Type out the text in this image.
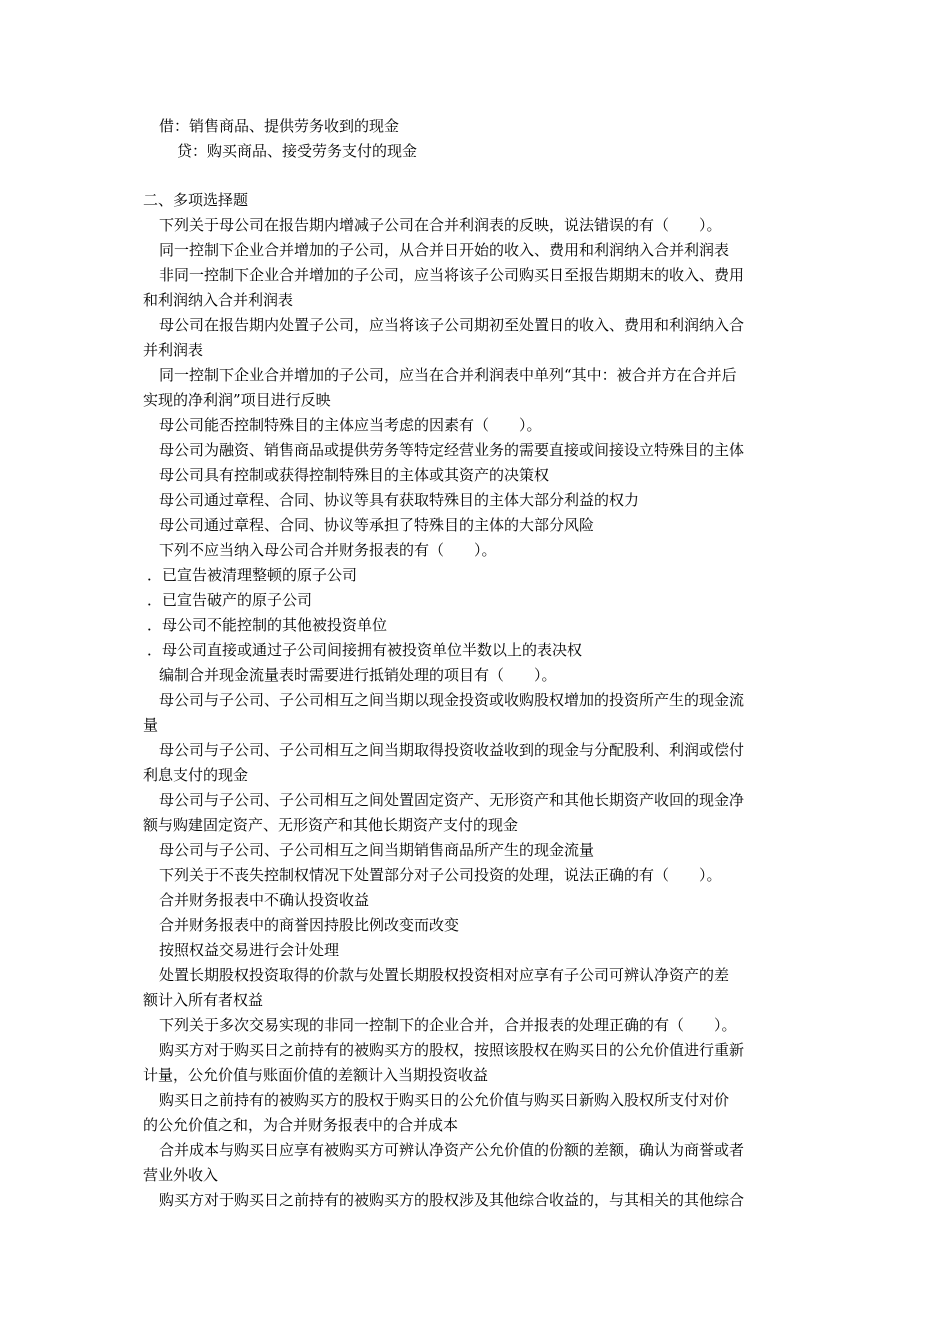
借：销售商品、提供劳务收到的现金
贷：购买商品、接受劳务支付的现金
二、多项选择题
下列关于母公司在报告期内增减子公司在合并利润表的反映，说法错误的有（　　）。
同一控制下企业合并增加的子公司，从合并日开始的收入、费用和利润纳入合并利润表
非同一控制下企业合并增加的子公司，应当将该子公司购买日至报告期期末的收入、费用
和利润纳入合并利润表
母公司在报告期内处置子公司，应当将该子公司期初至处置日的收入、费用和利润纳入合
并利润表
同一控制下企业合并增加的子公司，应当在合并利润表中单列“其中：被合并方在合并后
实现的净利润”项目进行反映
母公司能否控制特殊目的主体应当考虑的因素有（　　）。
母公司为融资、销售商品或提供劳务等特定经营业务的需要直接或间接设立特殊目的主体
母公司具有控制或获得控制特殊目的主体或其资产的决策权
母公司通过章程、合同、协议等具有获取特殊目的主体大部分利益的权力
母公司通过章程、合同、协议等承担了特殊目的主体的大部分风险
下列不应当纳入母公司合并财务报表的有（　　）。
．已宣告被清理整顿的原子公司
．已宣告破产的原子公司
．母公司不能控制的其他被投资单位
．母公司直接或通过子公司间接拥有被投资单位半数以上的表决权
编制合并现金流量表时需要进行抵销处理的项目有（　　）。
母公司与子公司、子公司相互之间当期以现金投资或收购股权增加的投资所产生的现金流
量
母公司与子公司、子公司相互之间当期取得投资收益收到的现金与分配股利、利润或偿付
利息支付的现金
母公司与子公司、子公司相互之间处置固定资产、无形资产和其他长期资产收回的现金净
额与购建固定资产、无形资产和其他长期资产支付的现金
母公司与子公司、子公司相互之间当期销售商品所产生的现金流量
下列关于不丧失控制权情况下处置部分对子公司投资的处理，说法正确的有（　　）。
合并财务报表中不确认投资收益
合并财务报表中的商誉因持股比例改变而改变
按照权益交易进行会计处理
处置长期股权投资取得的价款与处置长期股权投资相对应享有子公司可辨认净资产的差
额计入所有者权益
下列关于多次交易实现的非同一控制下的企业合并，合并报表的处理正确的有（　　）。
购买方对于购买日之前持有的被购买方的股权，按照该股权在购买日的公允价值进行重新
计量，公允价值与账面价值的差额计入当期投资收益
购买日之前持有的被购买方的股权于购买日的公允价值与购买日新购入股权所支付对价
的公允价值之和，为合并财务报表中的合并成本
合并成本与购买日应享有被购买方可辨认净资产公允价值的份额的差额，确认为商誉或者
营业外收入
购买方对于购买日之前持有的被购买方的股权涉及其他综合收益的，与其相关的其他综合
